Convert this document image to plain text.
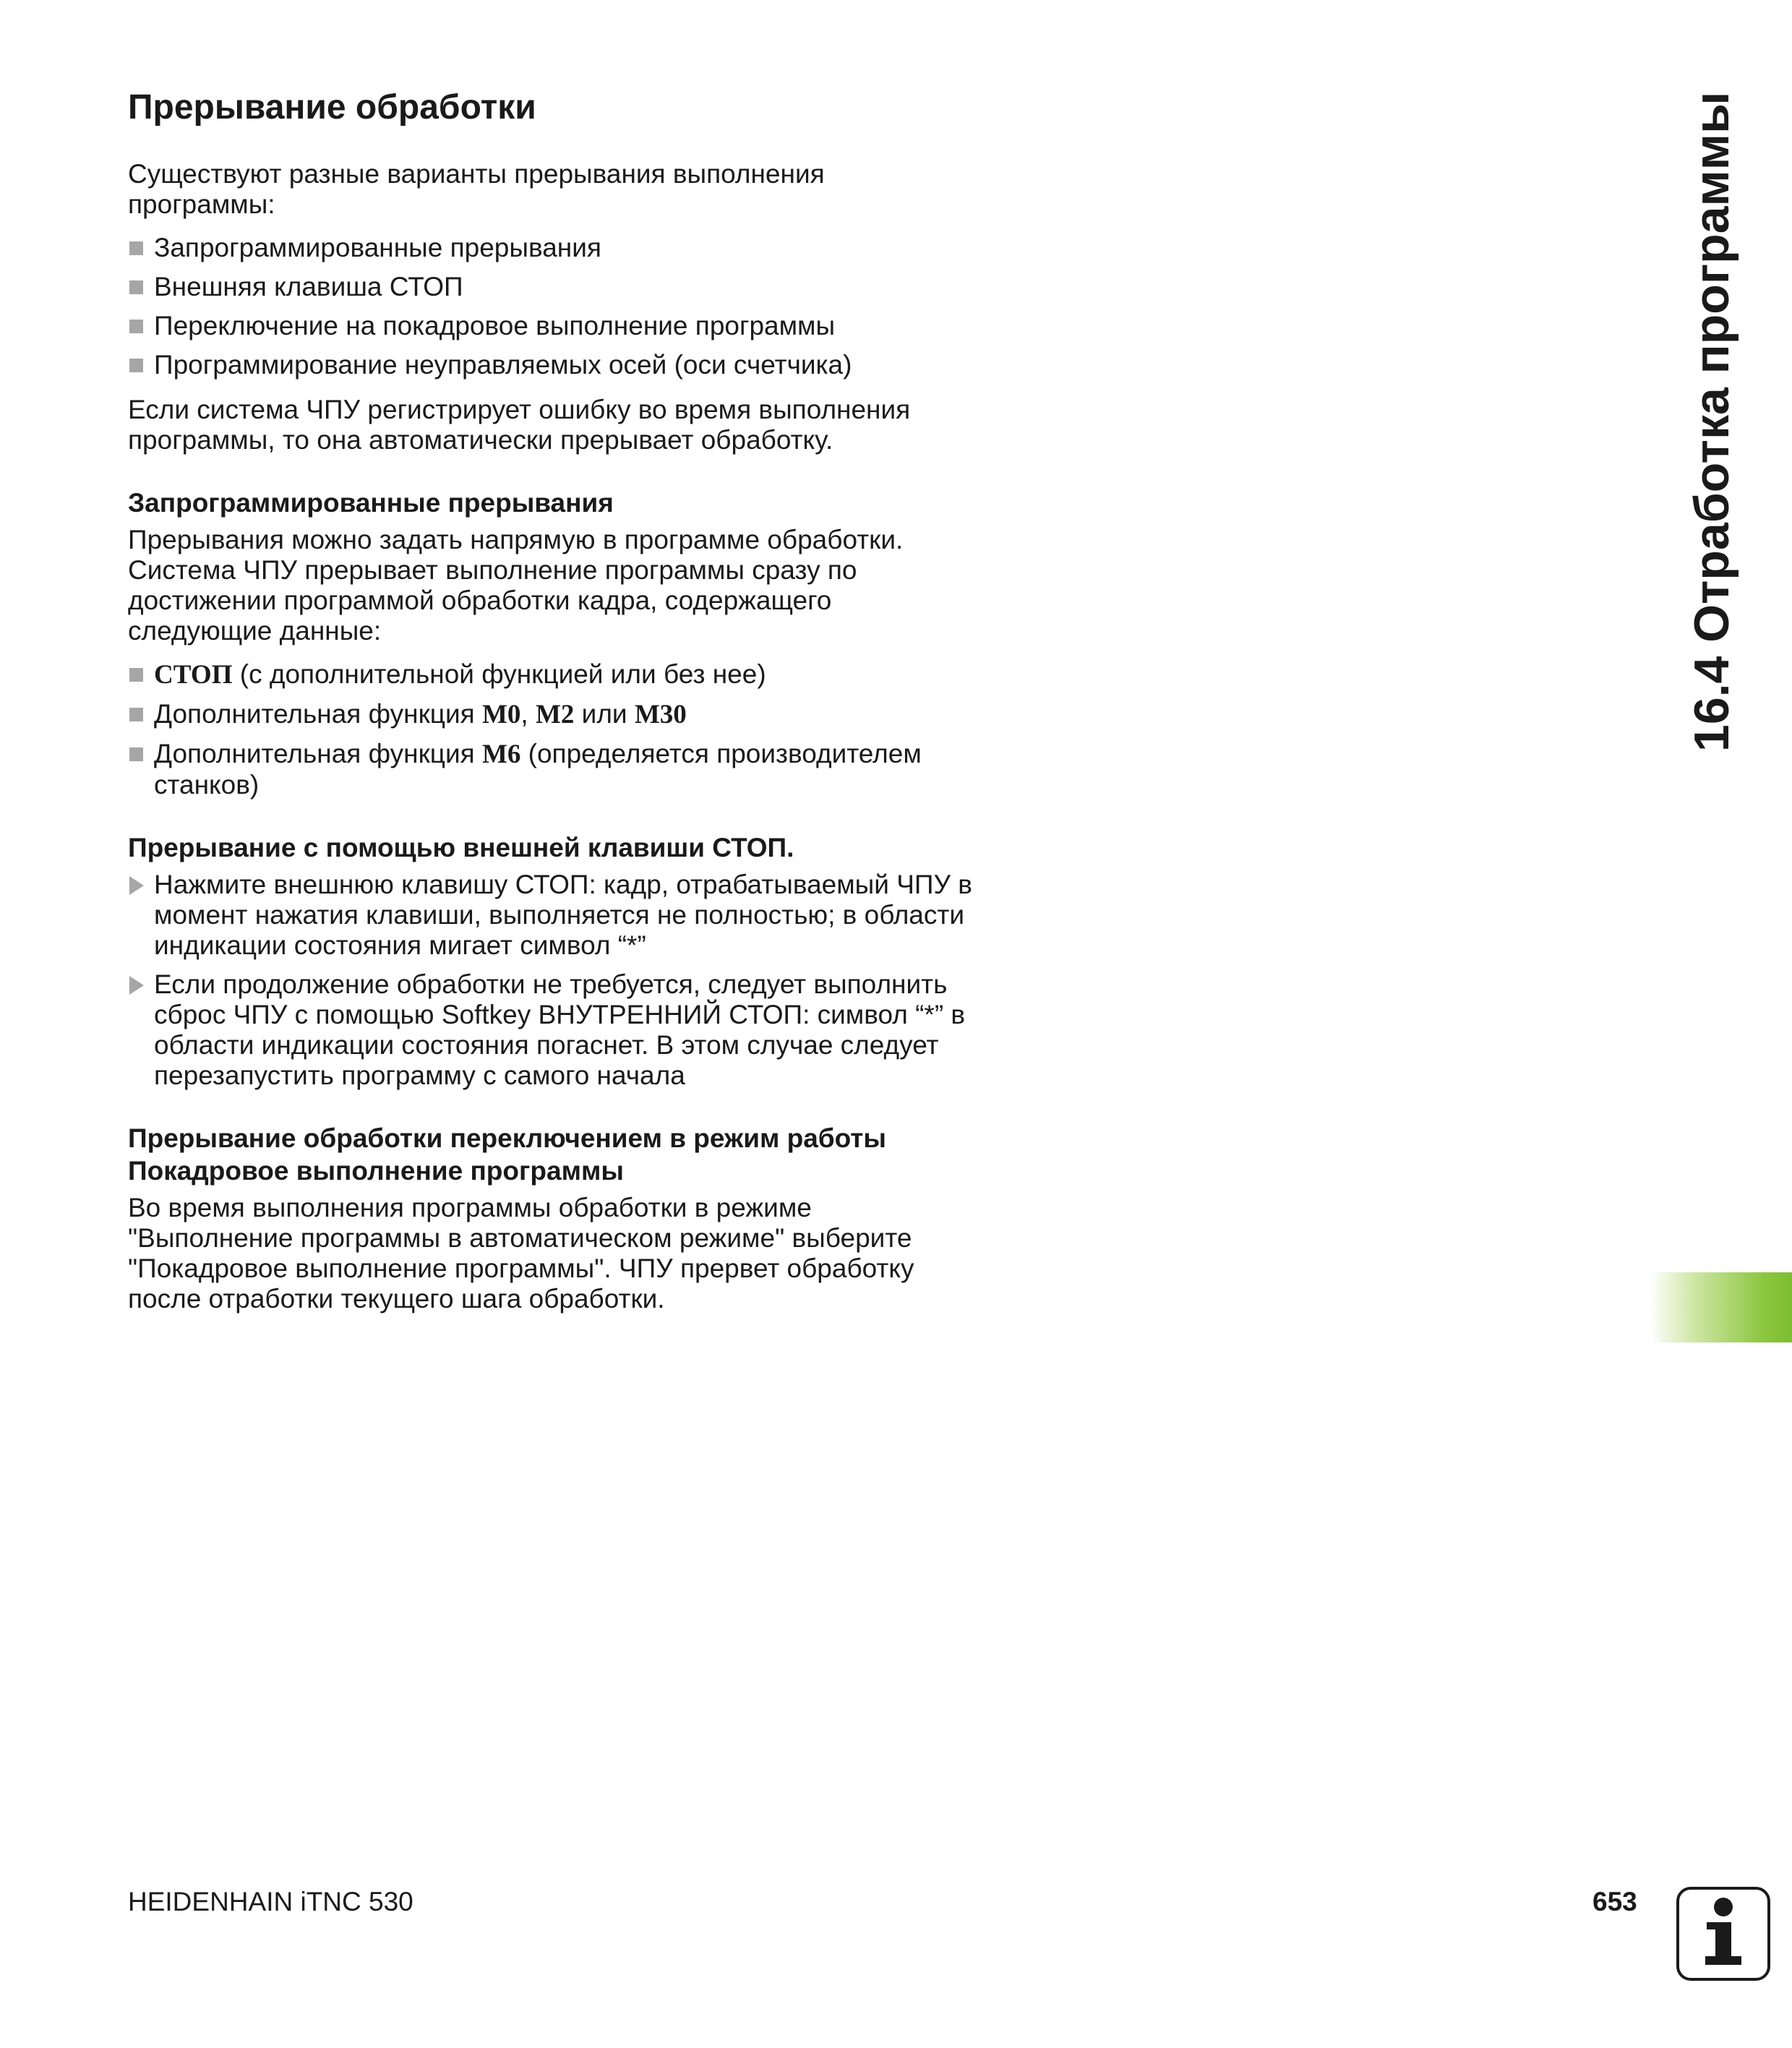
Прерывание обработки
Существуют разные варианты прерывания выполнения программы:
Запрограммированные прерывания
Внешняя клавиша СТОП
Переключение на покадровое выполнение программы
Программирование неуправляемых осей (оси счетчика)
Если система ЧПУ регистрирует ошибку во время выполнения программы, то она автоматически прерывает обработку.
Запрограммированные прерывания
Прерывания можно задать напрямую в программе обработки. Система ЧПУ прерывает выполнение программы сразу по достижении программой обработки кадра, содержащего следующие данные:
СТОП (с дополнительной функцией или без нее)
Дополнительная функция M0, M2 или M30
Дополнительная функция M6 (определяется производителем станков)
Прерывание с помощью внешней клавиши СТОП.
Нажмите внешнюю клавишу СТОП: кадр, отрабатываемый ЧПУ в момент нажатия клавиши, выполняется не полностью; в области индикации состояния мигает символ “*”
Если продолжение обработки не требуется, следует выполнить сброс ЧПУ с помощью Softkey ВНУТРЕННИЙ СТОП: символ “*” в области индикации состояния погаснет. В этом случае следует перезапустить программу с самого начала
Прерывание обработки переключением в режим работы
Покадровое выполнение программы
Во время выполнения программы обработки в режиме "Выполнение программы в автоматическом режиме" выберите "Покадровое выполнение программы". ЧПУ прервет обработку после отработки текущего шага обработки.
16.4 Отработка программы
HEIDENHAIN iTNC 530	653
